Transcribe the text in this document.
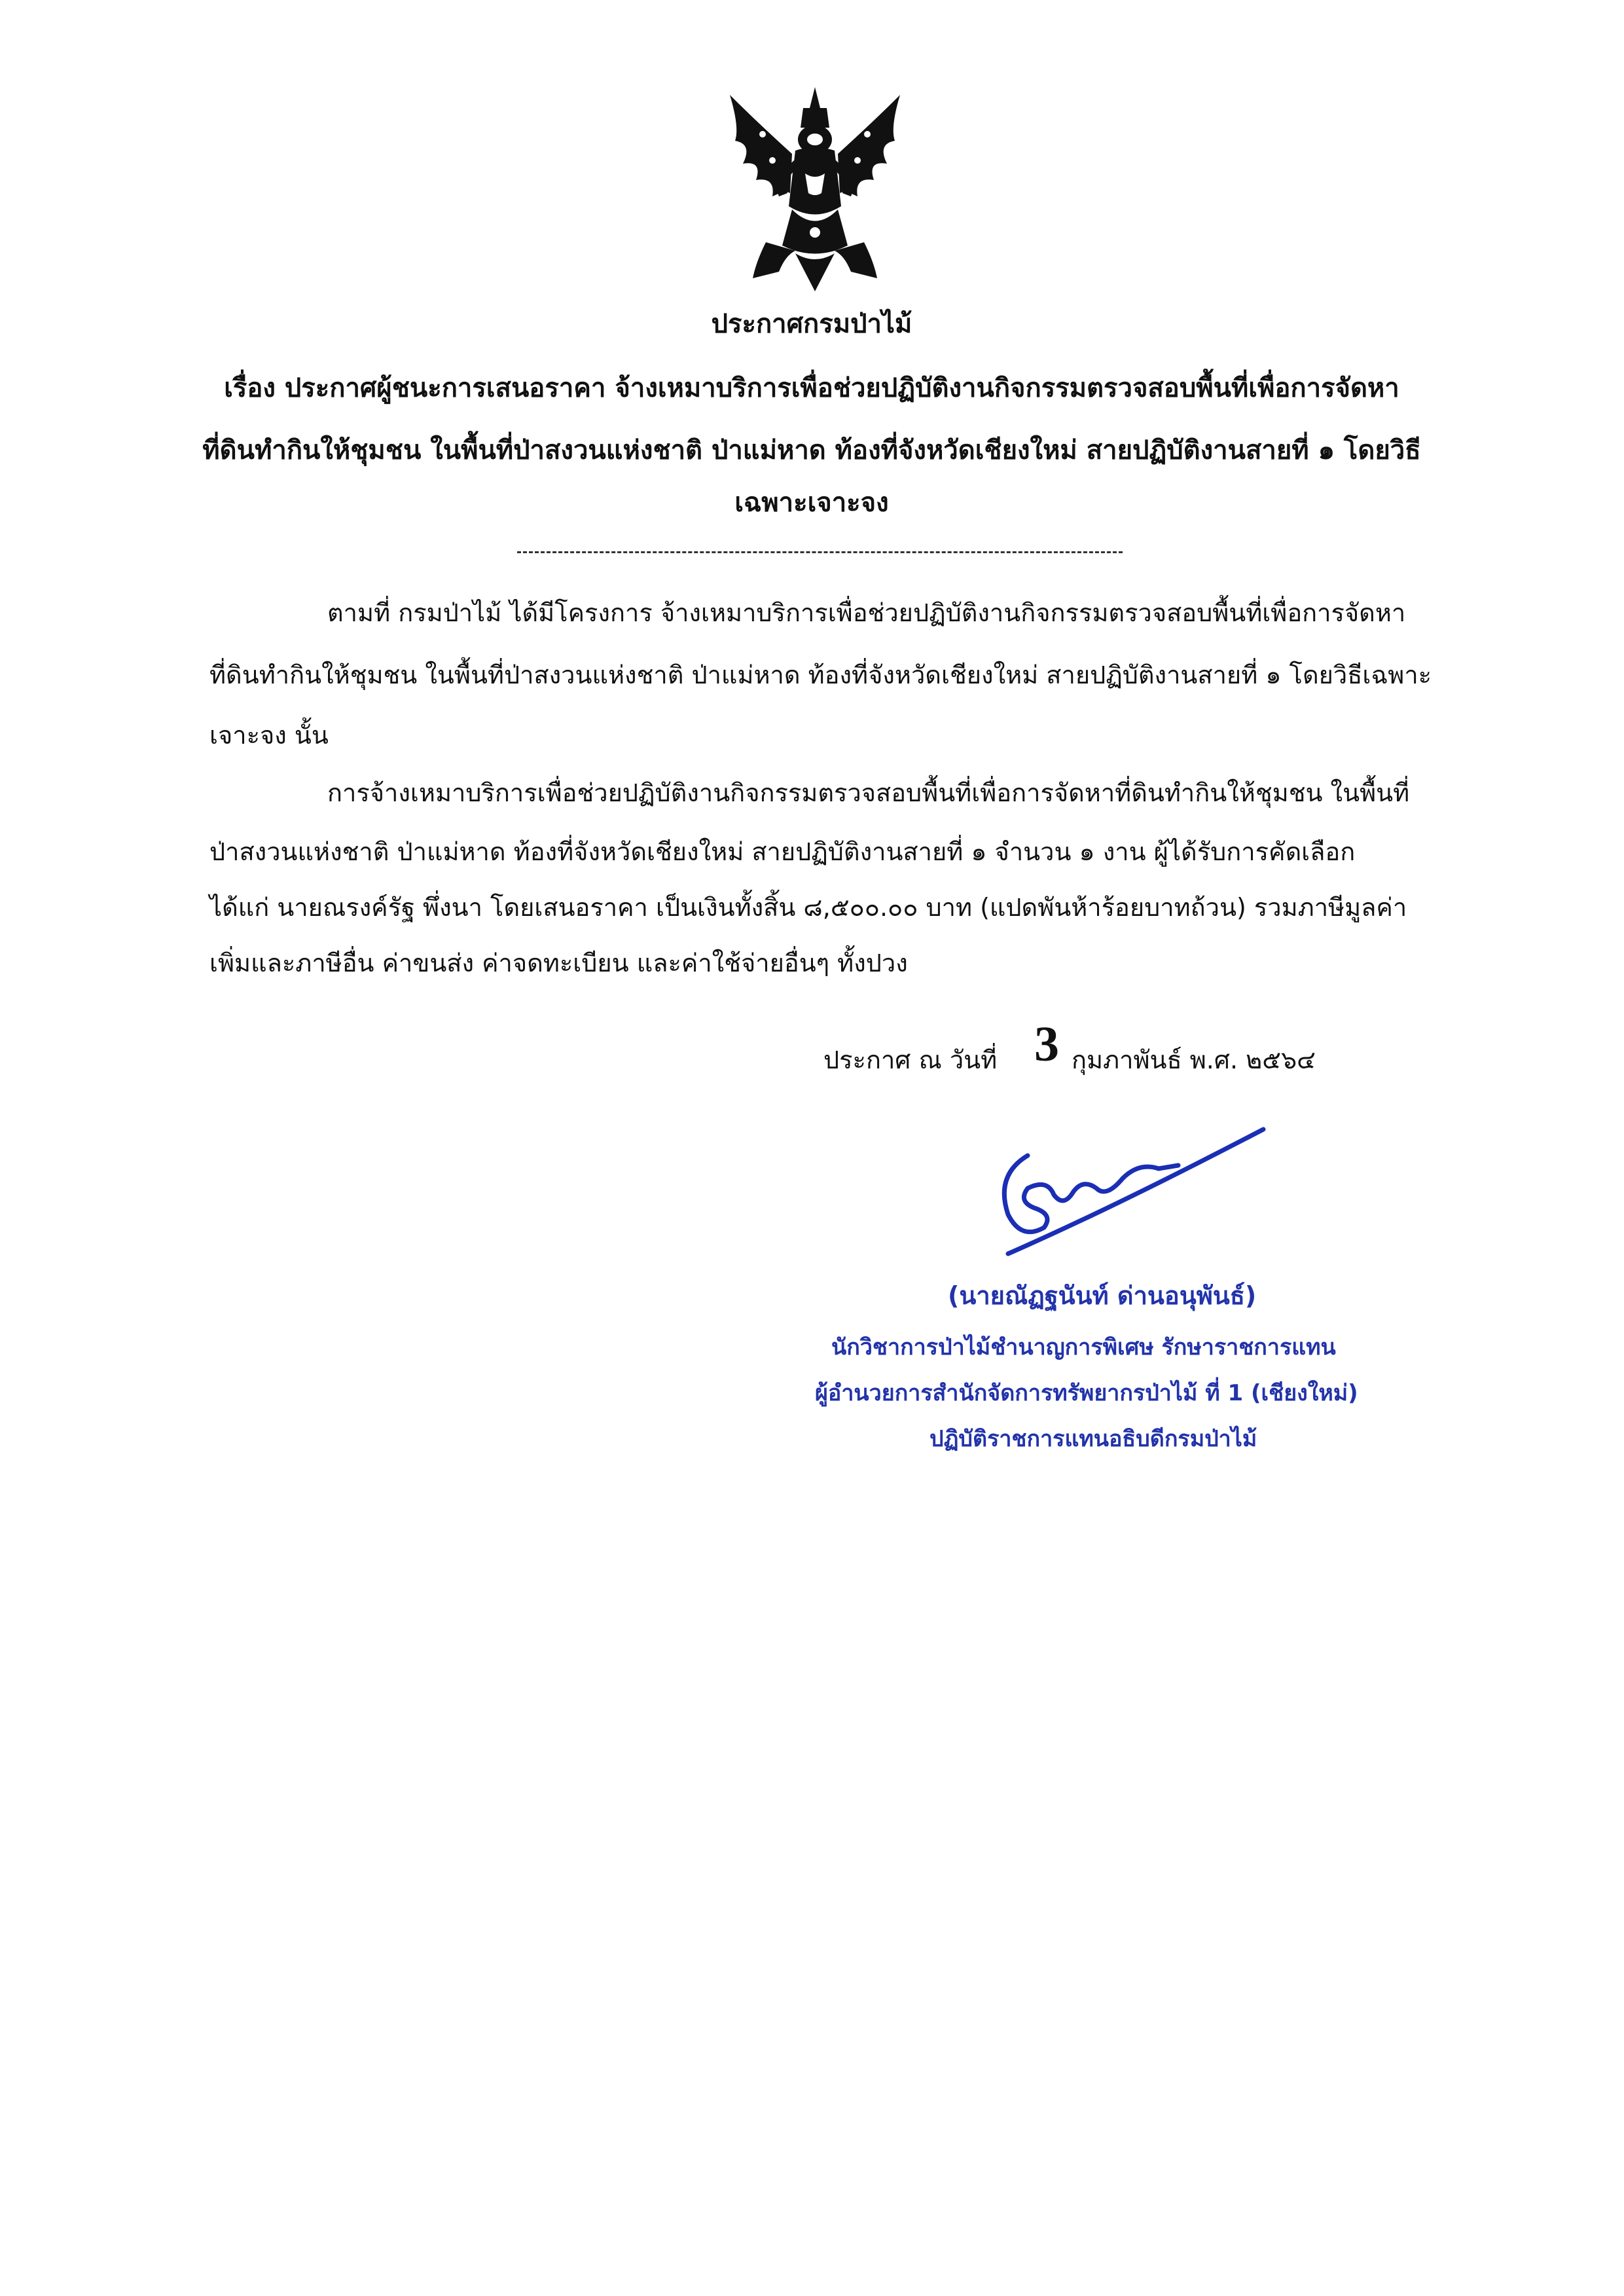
ประกาศกรมป่าไม้
เรื่อง ประกาศผู้ชนะการเสนอราคา จ้างเหมาบริการเพื่อช่วยปฏิบัติงานกิจกรรมตรวจสอบพื้นที่เพื่อการจัดหา
ที่ดินทำกินให้ชุมชน ในพื้นที่ป่าสงวนแห่งชาติ ป่าแม่หาด ท้องที่จังหวัดเชียงใหม่ สายปฏิบัติงานสายที่ ๑ โดยวิธี
เฉพาะเจาะจง
ตามที่ กรมป่าไม้ ได้มีโครงการ จ้างเหมาบริการเพื่อช่วยปฏิบัติงานกิจกรรมตรวจสอบพื้นที่เพื่อการจัดหา
ที่ดินทำกินให้ชุมชน ในพื้นที่ป่าสงวนแห่งชาติ ป่าแม่หาด ท้องที่จังหวัดเชียงใหม่ สายปฏิบัติงานสายที่ ๑ โดยวิธีเฉพาะ
เจาะจง นั้น
การจ้างเหมาบริการเพื่อช่วยปฏิบัติงานกิจกรรมตรวจสอบพื้นที่เพื่อการจัดหาที่ดินทำกินให้ชุมชน ในพื้นที่
ป่าสงวนแห่งชาติ ป่าแม่หาด ท้องที่จังหวัดเชียงใหม่ สายปฏิบัติงานสายที่ ๑ จำนวน ๑ งาน ผู้ได้รับการคัดเลือก
ได้แก่ นายณรงค์รัฐ พึ่งนา โดยเสนอราคา เป็นเงินทั้งสิ้น ๘,๕๐๐.๐๐ บาท (แปดพันห้าร้อยบาทถ้วน) รวมภาษีมูลค่า
เพิ่มและภาษีอื่น ค่าขนส่ง ค่าจดทะเบียน และค่าใช้จ่ายอื่นๆ ทั้งปวง
ประกาศ ณ วันที่ 3 กุมภาพันธ์ พ.ศ. ๒๕๖๔
(นายณัฏฐนันท์ ด่านอนุพันธ์)
นักวิชาการป่าไม้ชำนาญการพิเศษ รักษาราชการแทน
ผู้อำนวยการสำนักจัดการทรัพยากรป่าไม้ ที่ 1 (เชียงใหม่)
ปฏิบัติราชการแทนอธิบดีกรมป่าไม้
